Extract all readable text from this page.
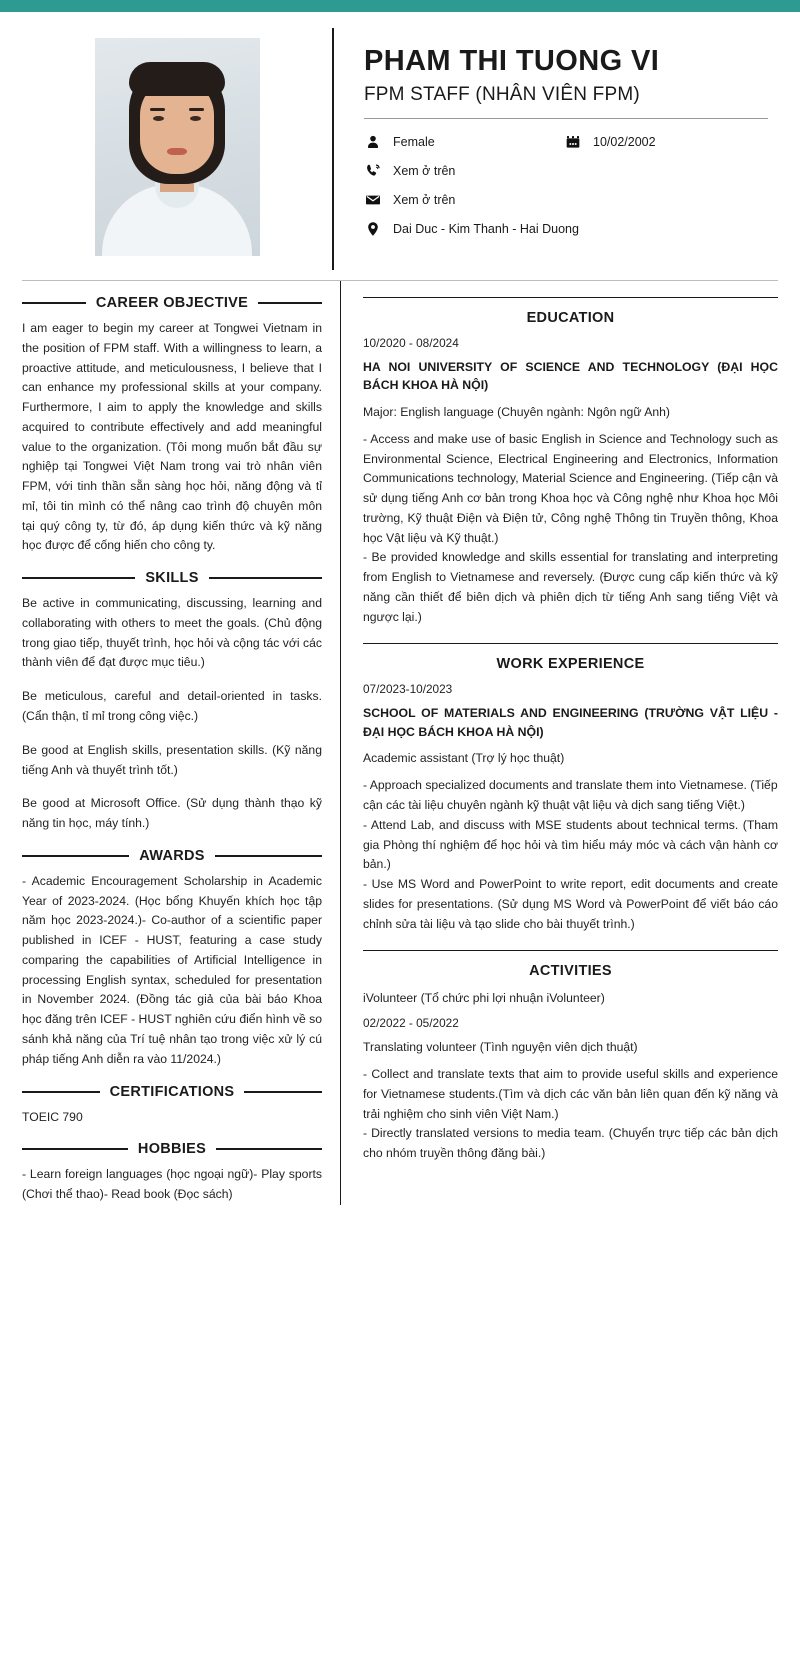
PHAM THI TUONG VI
FPM STAFF (NHÂN VIÊN FPM)
Female	10/02/2002
Xem ở trên
Xem ở trên
Dai Duc - Kim Thanh - Hai Duong
CAREER OBJECTIVE

I am eager to begin my career at Tongwei Vietnam in the position of FPM staff. With a willingness to learn, a proactive attitude, and meticulousness, I believe that I can enhance my professional skills at your company. Furthermore, I aim to apply the knowledge and skills acquired to contribute effectively and add meaningful value to the organization. (Tôi mong muốn bắt đầu sự nghiệp tại Tongwei Việt Nam trong vai trò nhân viên FPM, với tinh thần sẵn sàng học hỏi, năng động và tỉ mỉ, tôi tin mình có thể nâng cao trình độ chuyên môn tại quý công ty, từ đó, áp dụng kiến thức và kỹ năng học được để cống hiến cho công ty.

SKILLS

Be active in communicating, discussing, learning and collaborating with others to meet the goals. (Chủ động trong giao tiếp, thuyết trình, học hỏi và cộng tác với các thành viên để đạt được mục tiêu.)

Be meticulous, careful and detail-oriented in tasks. (Cẩn thận, tỉ mỉ trong công việc.)

Be good at English skills, presentation skills. (Kỹ năng tiếng Anh và thuyết trình tốt.)

Be good at Microsoft Office. (Sử dụng thành thạo kỹ năng tin học, máy tính.)

AWARDS

- Academic Encouragement Scholarship in Academic Year of 2023-2024. (Học bổng Khuyến khích học tập năm học 2023-2024.)- Co-author of a scientific paper published in ICEF - HUST, featuring a case study comparing the capabilities of Artificial Intelligence in processing English syntax, scheduled for presentation in November 2024. (Đồng tác giả của bài báo Khoa học đăng trên ICEF - HUST nghiên cứu điển hình về so sánh khả năng của Trí tuệ nhân tạo trong việc xử lý cú pháp tiếng Anh diễn ra vào 11/2024.)

CERTIFICATIONS

TOEIC 790

HOBBIES

- Learn foreign languages (học ngoại ngữ)- Play sports (Chơi thể thao)- Read book (Đọc sách)

EDUCATION
10/2020 - 08/2024
HA NOI UNIVERSITY OF SCIENCE AND TECHNOLOGY (ĐẠI HỌC BÁCH KHOA HÀ NỘI)
Major: English language (Chuyên ngành: Ngôn ngữ Anh)

- Access and make use of basic English in Science and Technology such as Environmental Science, Electrical Engineering and Electronics, Information Communications technology, Material Science and Engineering. (Tiếp cận và sử dụng tiếng Anh cơ bản trong Khoa học và Công nghệ như Khoa học Môi trường, Kỹ thuật Điện và Điện tử, Công nghệ Thông tin Truyền thông, Khoa học Vật liệu và Kỹ thuật.)

- Be provided knowledge and skills essential for translating and interpreting from English to Vietnamese and reversely. (Được cung cấp kiến thức và kỹ năng cần thiết để biên dịch và phiên dịch từ tiếng Anh sang tiếng Việt và ngược lại.)

WORK EXPERIENCE
07/2023-10/2023
SCHOOL OF MATERIALS AND ENGINEERING (TRƯỜNG VẬT LIỆU - ĐẠI HỌC BÁCH KHOA HÀ NỘI)
Academic assistant (Trợ lý học thuật)

- Approach specialized documents and translate them into Vietnamese. (Tiếp cận các tài liệu chuyên ngành kỹ thuật vật liệu và dịch sang tiếng Việt.)

- Attend Lab, and discuss with MSE students about technical terms. (Tham gia Phòng thí nghiệm để học hỏi và tìm hiểu máy móc và cách vận hành cơ bản.)

- Use MS Word and PowerPoint to write report, edit documents and create slides for presentations. (Sử dụng MS Word và PowerPoint để viết báo cáo chỉnh sửa tài liệu và tạo slide cho bài thuyết trình.)

ACTIVITIES
iVolunteer (Tổ chức phi lợi nhuận iVolunteer)
02/2022 - 05/2022
Translating volunteer (Tình nguyện viên dịch thuật)

- Collect and translate texts that aim to provide useful skills and experience for Vietnamese students.(Tìm và dịch các văn bản liên quan đến kỹ năng và trải nghiệm cho sinh viên Việt Nam.)

- Directly translated versions to media team. (Chuyển trực tiếp các bản dịch cho nhóm truyền thông đăng bài.)
